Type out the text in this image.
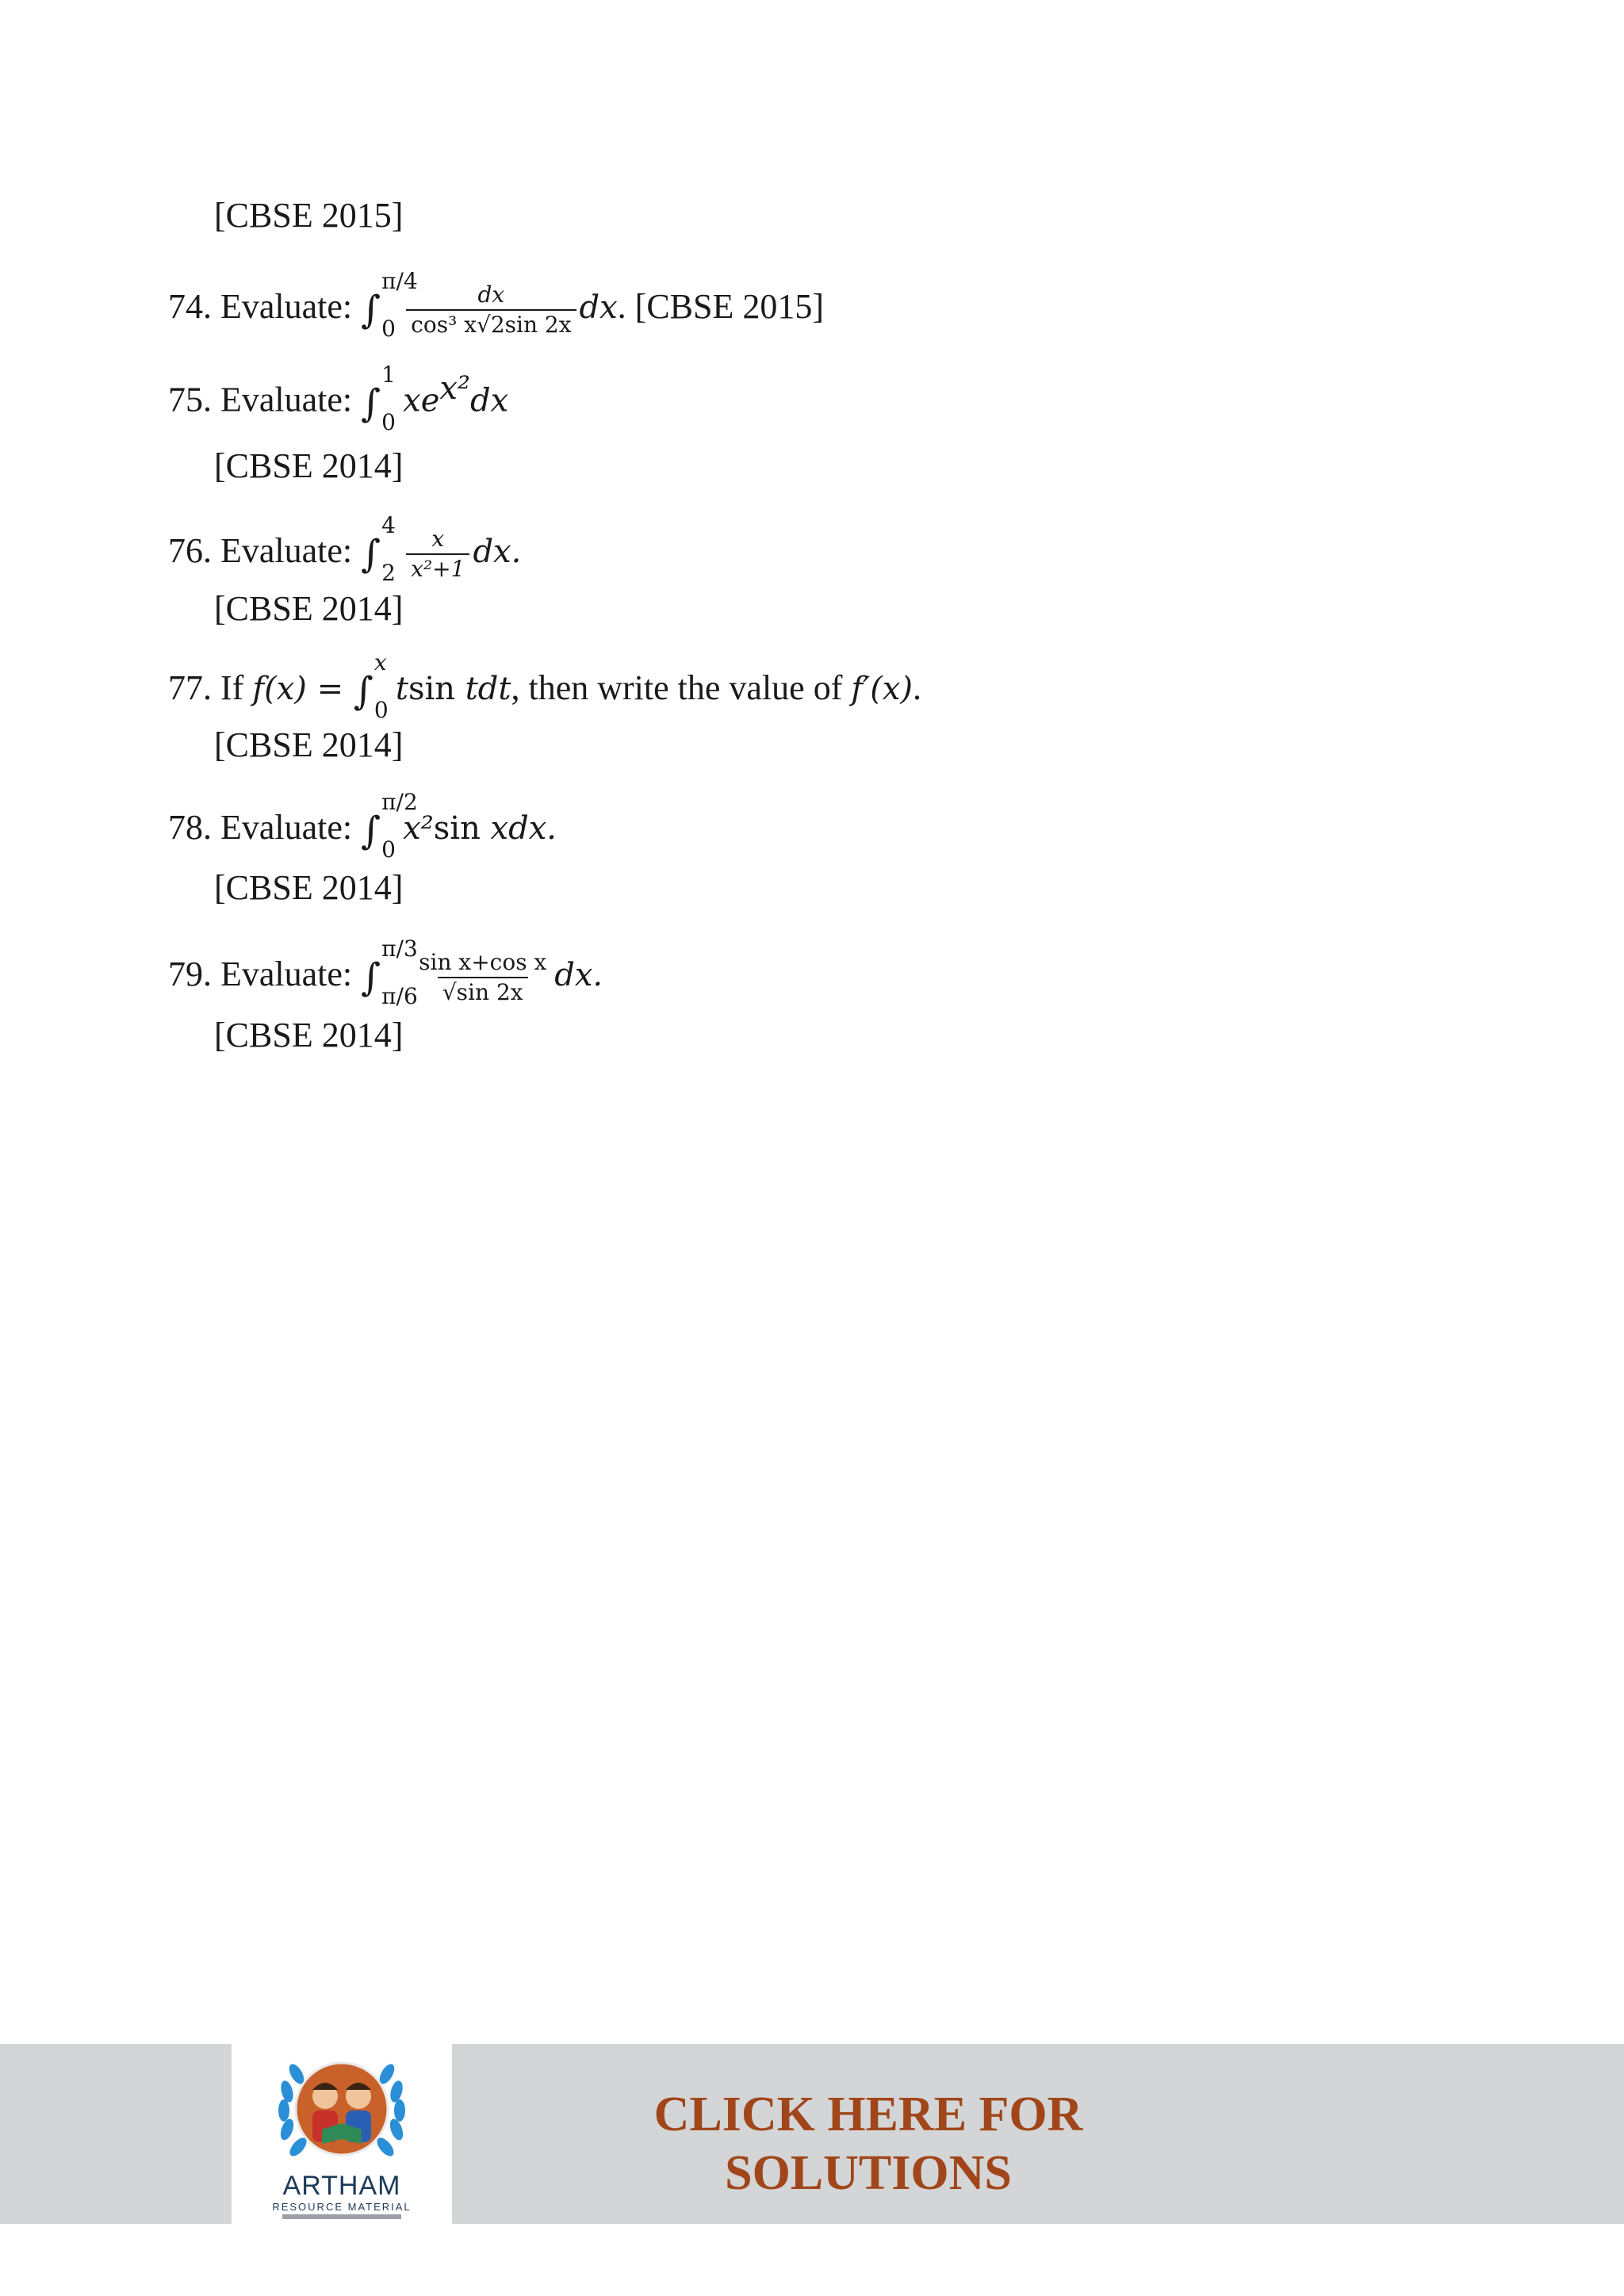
[CBSE 2015]
74. Evaluate: ∫
π/4
$0 \frac{dx}{\text{cos³ x√2sin 2x}}$ dx. [CBSE 2015]
75. Evaluate: ∫
1
0
$xe^{x^2}dx$
[CBSE 2014]
76. Evaluate: ∫
4
$2 \frac{x}{\text{x²+1}}$ dx.
[CBSE 2014]
77. If f(x) = ∫
x
0
tsin tdt, then write the value of f′(x).
[CBSE 2014]
78. Evaluate: ∫
π/2
0
x²sin xdx.
[CBSE 2014]
79. Evaluate: ∫
π/3
π/6
$\frac{\text{sin x+cos x}}{√\sin 2x}$ dx.
[CBSE 2014]
ARTHAM
RESOURCE MATERIAL
CLICK HERE FOR
SOLUTIONS
